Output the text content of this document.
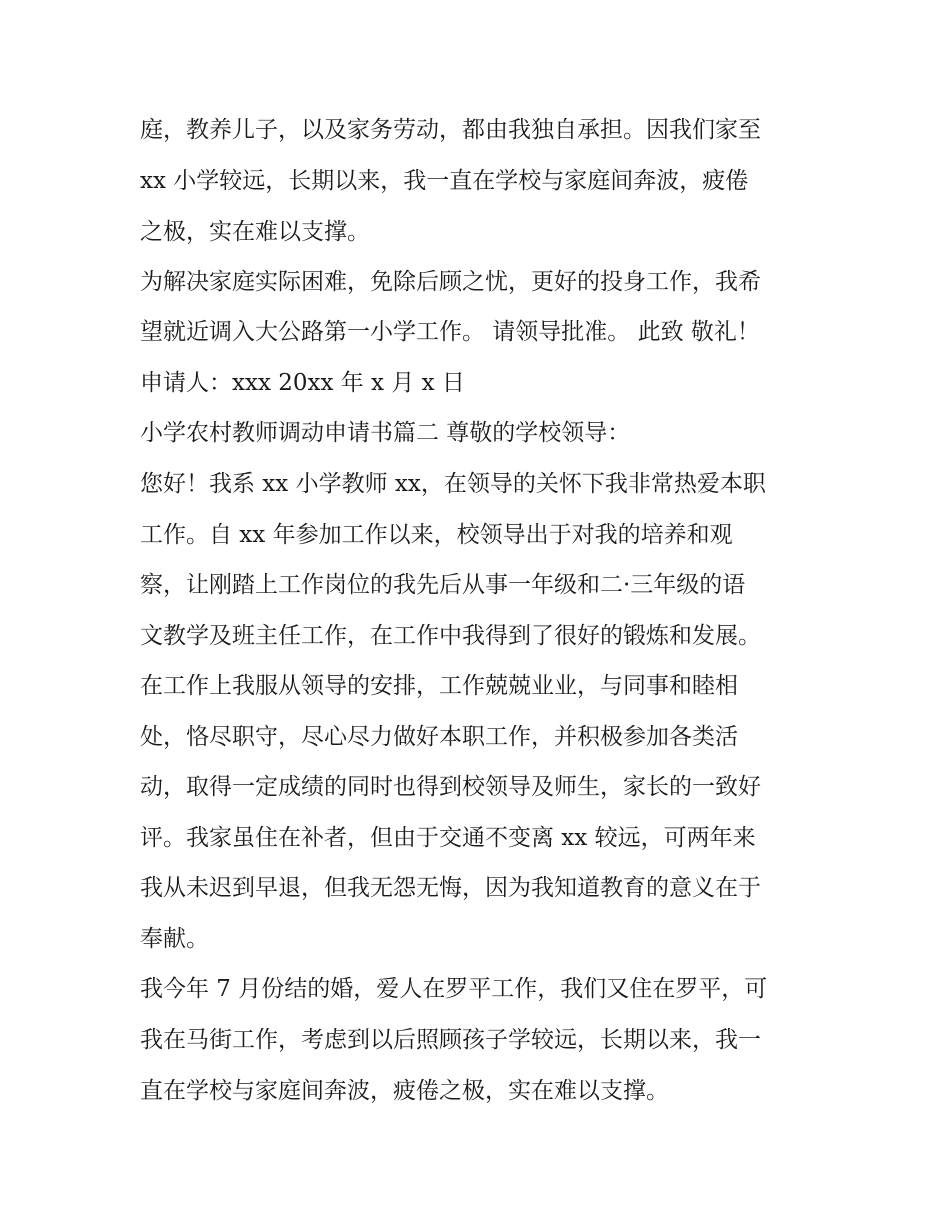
庭，教养儿子，以及家务劳动，都由我独自承担。因我们家至

xx 小学较远，长期以来，我一直在学校与家庭间奔波，疲倦

之极，实在难以支撑。

为解决家庭实际困难，免除后顾之忧，更好的投身工作，我希

望就近调入大公路第一小学工作。 请领导批准。 此致 敬礼！

申请人：xxx 20xx 年 x 月 x 日

小学农村教师调动申请书篇二 尊敬的学校领导：

您好！我系 xx 小学教师 xx，在领导的关怀下我非常热爱本职

工作。自 xx 年参加工作以来，校领导出于对我的培养和观

察，让刚踏上工作岗位的我先后从事一年级和二·三年级的语

文教学及班主任工作，在工作中我得到了很好的锻炼和发展。

在工作上我服从领导的安排，工作兢兢业业，与同事和睦相

处，恪尽职守，尽心尽力做好本职工作，并积极参加各类活

动，取得一定成绩的同时也得到校领导及师生，家长的一致好

评。我家虽住在补者，但由于交通不变离 xx 较远，可两年来

我从未迟到早退，但我无怨无悔，因为我知道教育的意义在于

奉献。

我今年 7 月份结的婚，爱人在罗平工作，我们又住在罗平，可

我在马街工作，考虑到以后照顾孩子学较远，长期以来，我一

直在学校与家庭间奔波，疲倦之极，实在难以支撑。
